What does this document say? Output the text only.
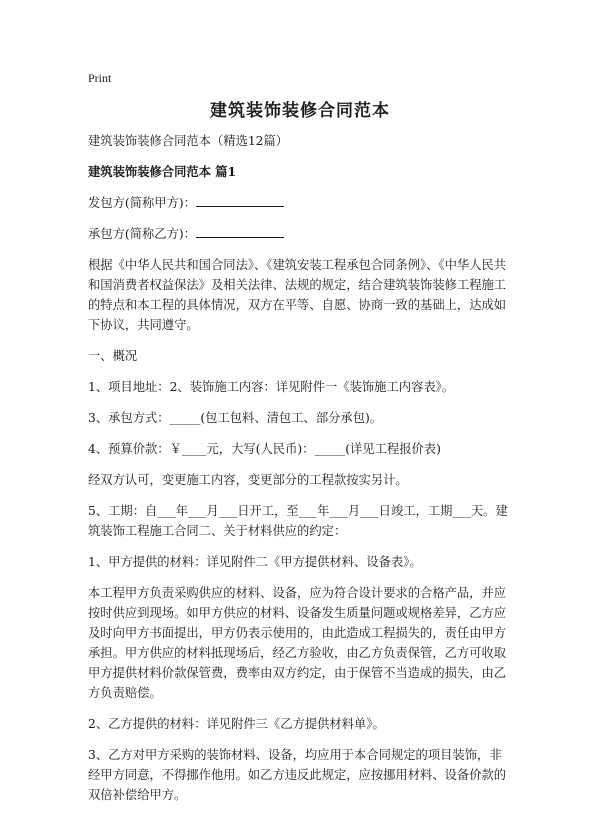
Print
建筑装饰装修合同范本

建筑装饰装修合同范本（精选12篇）

建筑装饰装修合同范本 篇1

发包方(简称甲方)：

承包方(简称乙方)：

根据《中华人民共和国合同法》、《建筑安装工程承包合同条例》、《中华人民共和国消费者权益保法》及相关法律、法规的规定，结合建筑装饰装修工程施工的特点和本工程的具体情况，双方在平等、自愿、协商一致的基础上，达成如下协议，共同遵守。

一、概况

1、项目地址：2、装饰施工内容：详见附件一《装饰施工内容表》。

3、承包方式：_____(包工包料、清包工、部分承包)。

4、预算价款：￥____元，大写(人民币)：_____(详见工程报价表)

经双方认可，变更施工内容，变更部分的工程款按实另计。

5、工期：自___年___月___日开工，至___年___月___日竣工，工期___天。建筑装饰工程施工合同二、关于材料供应的约定：

1、甲方提供的材料：详见附件二《甲方提供材料、设备表》。

本工程甲方负责采购供应的材料、设备，应为符合设计要求的合格产品，并应按时供应到现场。如甲方供应的材料、设备发生质量问题或规格差异，乙方应及时向甲方书面提出，甲方仍表示使用的，由此造成工程损失的，责任由甲方承担。甲方供应的材料抵现场后，经乙方验收，由乙方负责保管，乙方可收取甲方提供材料价款保管费，费率由双方约定，由于保管不当造成的损失，由乙方负责赔偿。

2、乙方提供的材料：详见附件三《乙方提供材料单》。

3、乙方对甲方采购的装饰材料、设备，均应用于本合同规定的项目装饰，非经甲方同意，不得挪作他用。如乙方违反此规定，应按挪用材料、设备价款的双倍补偿给甲方。
